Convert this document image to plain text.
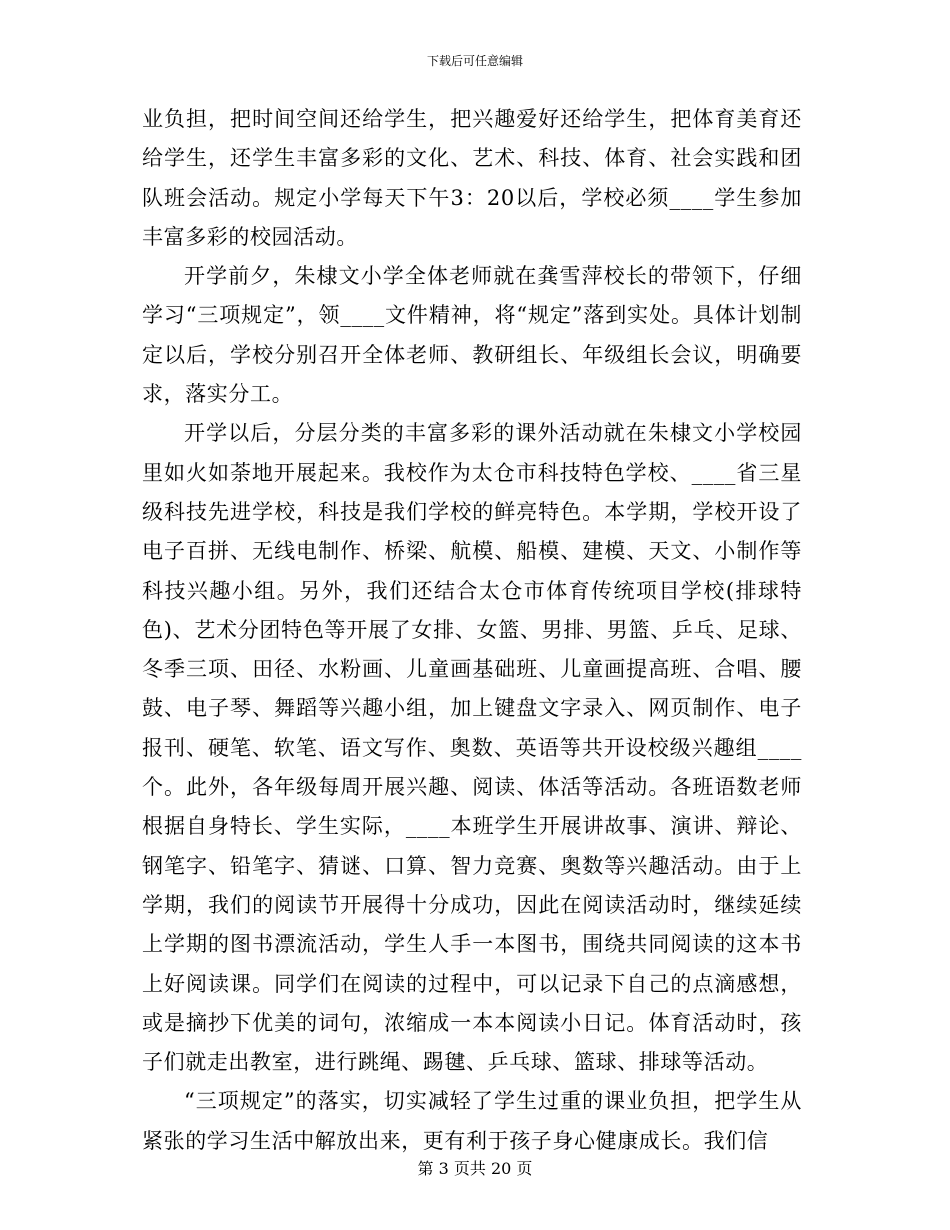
下载后可任意编辑

业负担，把时间空间还给学生，把兴趣爱好还给学生，把体育美育还给学生，还学生丰富多彩的文化、艺术、科技、体育、社会实践和团队班会活动。规定小学每天下午3：20以后，学校必须____学生参加丰富多彩的校园活动。

开学前夕，朱棣文小学全体老师就在龚雪萍校长的带领下，仔细学习“三项规定”，领____文件精神，将“规定”落到实处。具体计划制定以后，学校分别召开全体老师、教研组长、年级组长会议，明确要求，落实分工。

开学以后，分层分类的丰富多彩的课外活动就在朱棣文小学校园里如火如荼地开展起来。我校作为太仓市科技特色学校、____省三星级科技先进学校，科技是我们学校的鲜亮特色。本学期，学校开设了电子百拼、无线电制作、桥梁、航模、船模、建模、天文、小制作等科技兴趣小组。另外，我们还结合太仓市体育传统项目学校(排球特色)、艺术分团特色等开展了女排、女篮、男排、男篮、乒乓、足球、冬季三项、田径、水粉画、儿童画基础班、儿童画提高班、合唱、腰鼓、电子琴、舞蹈等兴趣小组，加上键盘文字录入、网页制作、电子报刊、硬笔、软笔、语文写作、奥数、英语等共开设校级兴趣组____个。此外，各年级每周开展兴趣、阅读、体活等活动。各班语数老师根据自身特长、学生实际，____本班学生开展讲故事、演讲、辩论、钢笔字、铅笔字、猜谜、口算、智力竞赛、奥数等兴趣活动。由于上学期，我们的阅读节开展得十分成功，因此在阅读活动时，继续延续上学期的图书漂流活动，学生人手一本图书，围绕共同阅读的这本书上好阅读课。同学们在阅读的过程中，可以记录下自己的点滴感想，或是摘抄下优美的词句，浓缩成一本本阅读小日记。体育活动时，孩子们就走出教室，进行跳绳、踢毽、乒乓球、篮球、排球等活动。

“三项规定”的落实，切实减轻了学生过重的课业负担，把学生从紧张的学习生活中解放出来，更有利于孩子身心健康成长。我们信

第 3 页共 20 页
